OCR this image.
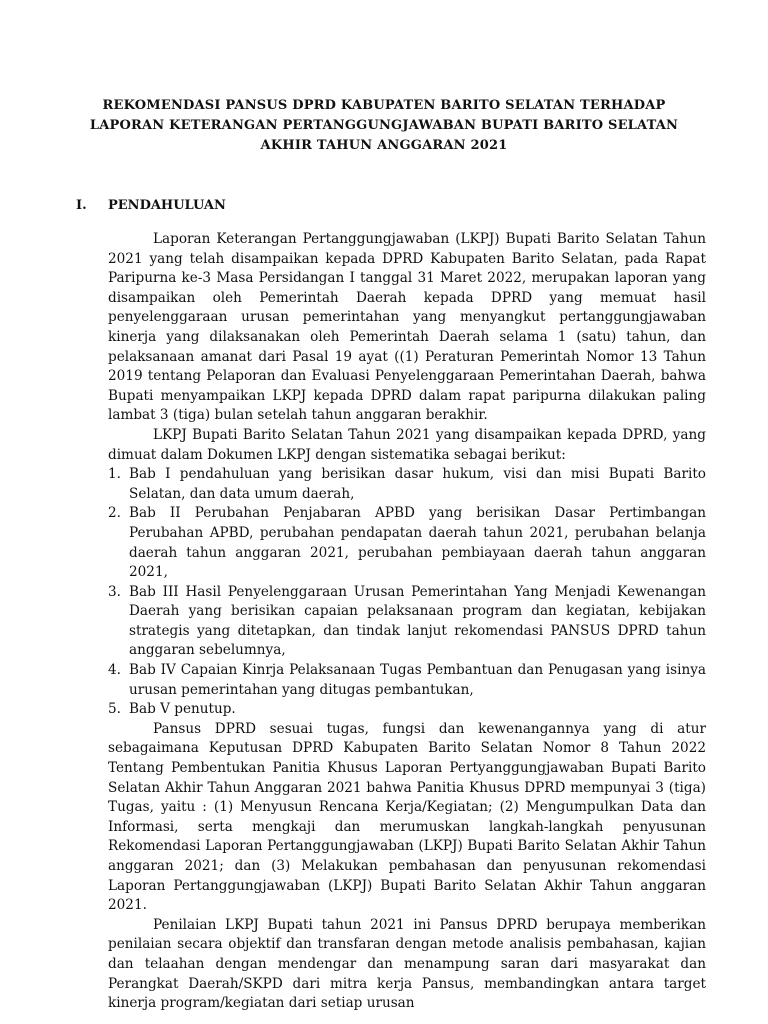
REKOMENDASI PANSUS DPRD KABUPATEN BARITO SELATAN TERHADAP
LAPORAN KETERANGAN PERTANGGUNGJAWABAN BUPATI BARITO SELATAN
AKHIR TAHUN ANGGARAN 2021
I. PENDAHULUAN

Laporan Keterangan Pertanggungjawaban (LKPJ) Bupati Barito Selatan Tahun 2021 yang telah disampaikan kepada DPRD Kabupaten Barito Selatan, pada Rapat Paripurna ke-3 Masa Persidangan I tanggal 31 Maret 2022, merupakan laporan yang disampaikan oleh Pemerintah Daerah kepada DPRD yang memuat hasil penyelenggaraan urusan pemerintahan yang menyangkut pertanggungjawaban kinerja yang dilaksanakan oleh Pemerintah Daerah selama 1 (satu) tahun, dan pelaksanaan amanat dari Pasal 19 ayat ((1) Peraturan Pemerintah Nomor 13 Tahun 2019 tentang Pelaporan dan Evaluasi Penyelenggaraan Pemerintahan Daerah, bahwa Bupati menyampaikan LKPJ kepada DPRD dalam rapat paripurna dilakukan paling lambat 3 (tiga) bulan setelah tahun anggaran berakhir.

LKPJ Bupati Barito Selatan Tahun 2021 yang disampaikan kepada DPRD, yang dimuat dalam Dokumen LKPJ dengan sistematika sebagai berikut:

1. Bab I pendahuluan yang berisikan dasar hukum, visi dan misi Bupati Barito Selatan, dan data umum daerah,
2. Bab II Perubahan Penjabaran APBD yang berisikan Dasar Pertimbangan Perubahan APBD, perubahan pendapatan daerah tahun 2021, perubahan belanja daerah tahun anggaran 2021, perubahan pembiayaan daerah tahun anggaran 2021,
3. Bab III Hasil Penyelenggaraan Urusan Pemerintahan Yang Menjadi Kewenangan Daerah yang berisikan capaian pelaksanaan program dan kegiatan, kebijakan strategis yang ditetapkan, dan tindak lanjut rekomendasi PANSUS DPRD tahun anggaran sebelumnya,
4. Bab IV Capaian Kinrja Pelaksanaan Tugas Pembantuan dan Penugasan yang isinya urusan pemerintahan yang ditugas pembantukan,
5. Bab V penutup.

Pansus DPRD sesuai tugas, fungsi dan kewenangannya yang di atur sebagaimana Keputusan DPRD Kabupaten Barito Selatan Nomor 8 Tahun 2022 Tentang Pembentukan Panitia Khusus Laporan Pertyanggungjawaban Bupati Barito Selatan Akhir Tahun Anggaran 2021 bahwa Panitia Khusus DPRD mempunyai 3 (tiga) Tugas, yaitu : (1) Menyusun Rencana Kerja/Kegiatan; (2) Mengumpulkan Data dan Informasi, serta mengkaji dan merumuskan langkah-langkah penyusunan Rekomendasi Laporan Pertanggungjawaban (LKPJ) Bupati Barito Selatan Akhir Tahun anggaran 2021; dan (3) Melakukan pembahasan dan penyusunan rekomendasi Laporan Pertanggungjawaban (LKPJ) Bupati Barito Selatan Akhir Tahun anggaran 2021.

Penilaian LKPJ Bupati tahun 2021 ini Pansus DPRD berupaya memberikan penilaian secara objektif dan transfaran dengan metode analisis pembahasan, kajian dan telaahan dengan mendengar dan menampung saran dari masyarakat dan Perangkat Daerah/SKPD dari mitra kerja Pansus, membandingkan antara target kinerja program/kegiatan dari setiap urusan
